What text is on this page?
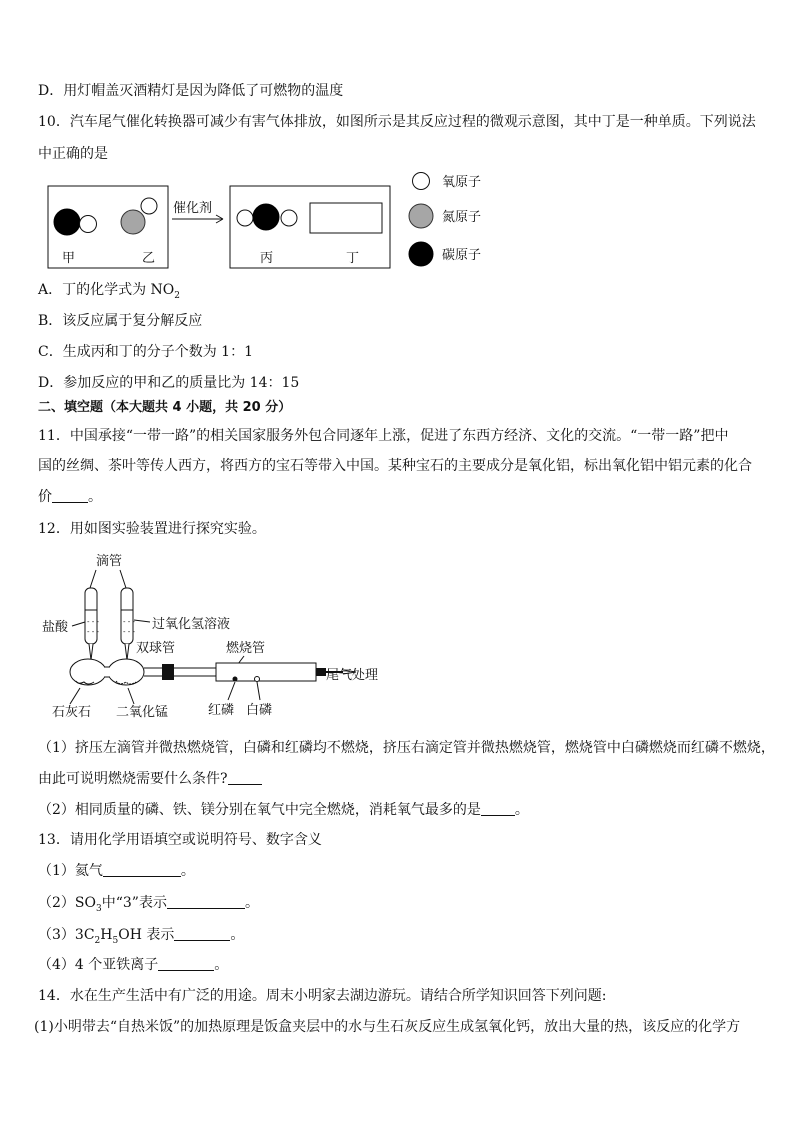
D．用灯帽盖灭酒精灯是因为降低了可燃物的温度
10．汽车尾气催化转换器可减少有害气体排放，如图所示是其反应过程的微观示意图，其中丁是一种单质。下列说法
中正确的是
甲	乙
催化剂
丙	丁
氧原子
氮原子
碳原子
A．丁的化学式为 $NO_2$
B．该反应属于复分解反应
C．生成丙和丁的分子个数为 1：1
D．参加反应的甲和乙的质量比为 14：15
二、填空题（本大题共 4 小题，共 20 分）
11．中国承接“一带一路”的相关国家服务外包合同逐年上涨，促进了东西方经济、文化的交流。“一带一路”把中
国的丝绸、茶叶等传人西方，将西方的宝石等带入中国。某种宝石的主要成分是氧化铝，标出氧化铝中铝元素的化合
价	。
12．用如图实验装置进行探究实验。
滴管
- - -
- - -
- - -
- - -
盐酸	过氧化氢溶液
双球管	燃烧管
尾气处理
石灰石 二氧化锰	红磷 白磷
（1）挤压左滴管并微热燃烧管，白磷和红磷均不燃烧，挤压右滴定管并微热燃烧管，燃烧管中白磷燃烧而红磷不燃烧，
由此可说明燃烧需要什么条件?
（2）相同质量的磷、铁、镁分别在氧气中完全燃烧，消耗氧气最多的是 。
13．请用化学用语填空或说明符号、数字含义
（1）氦气	。
$(2)SO_3$中“3”表示	。
$(3)3C_2H_5OH$ 表示	。
（4）4 个亚铁离子	。
14．水在生产生活中有广泛的用途。周末小明家去湖边游玩。请结合所学知识回答下列问题:
(1)小明带去“自热米饭”的加热原理是饭盒夹层中的水与生石灰反应生成氢氧化钙，放出大量的热，该反应的化学方
